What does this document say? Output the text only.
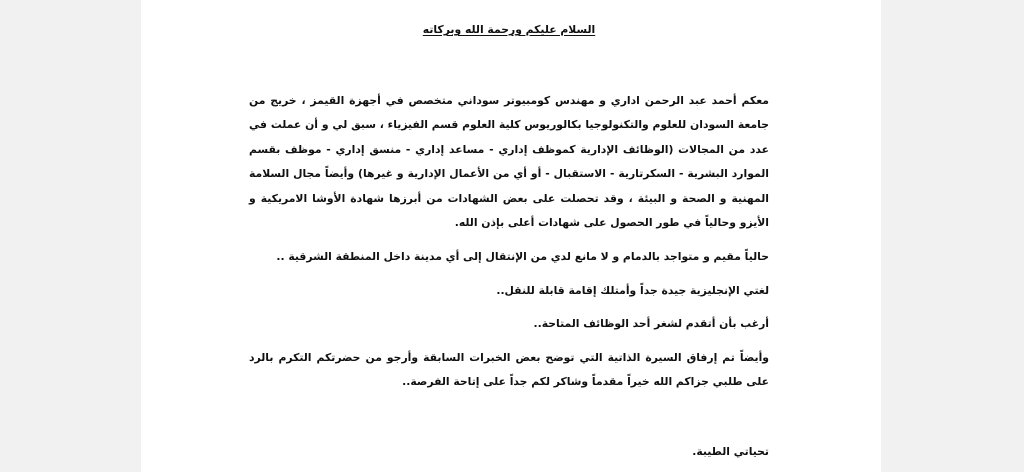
السلام عليكم ورحمة الله وبركاته

معكم أحمد عبد الرحمن اداري و مهندس كومبيوتر سوداني متخصص في أجهزة القيمز ، خريج من جامعة السودان للعلوم والتكنولوجيا بكالوريوس كلية العلوم قسم الفيزياء ، سبق لي و أن عملت في عدد من المجالات (الوظائف الإدارية كموظف إداري - مساعد إداري - منسق إداري - موظف بقسم الموارد البشرية - السكرتارية - الاستقبال - أو أي من الأعمال الإدارية و غيرها) وأيضاً مجال السلامة المهنية و الصحة و البيئة ، وقد تحصلت على بعض الشهادات من أبرزها شهادة الأوشا الامريكية و الأيزو وحالياً في طور الحصول على شهادات أعلى بإذن الله.

حالياً مقيم و متواجد بالدمام و لا مانع لدي من الإنتقال إلى أي مدينة داخل المنطقة الشرقية ..

لغتي الإنجليزية جيدة جداً وأمتلك إقامة قابلة للنقل..

أرغب بأن أتقدم لشغر أحد الوظائف المتاحة..

وأيضاً تم إرفاق السيرة الذاتية التي توضح بعض الخبرات السابقة وأرجو من حضرتكم التكرم بالرد على طلبي جزاكم الله خيراً مقدماً وشاكر لكم جداً على إتاحة الفرصة..

تحياتي الطيبة.
